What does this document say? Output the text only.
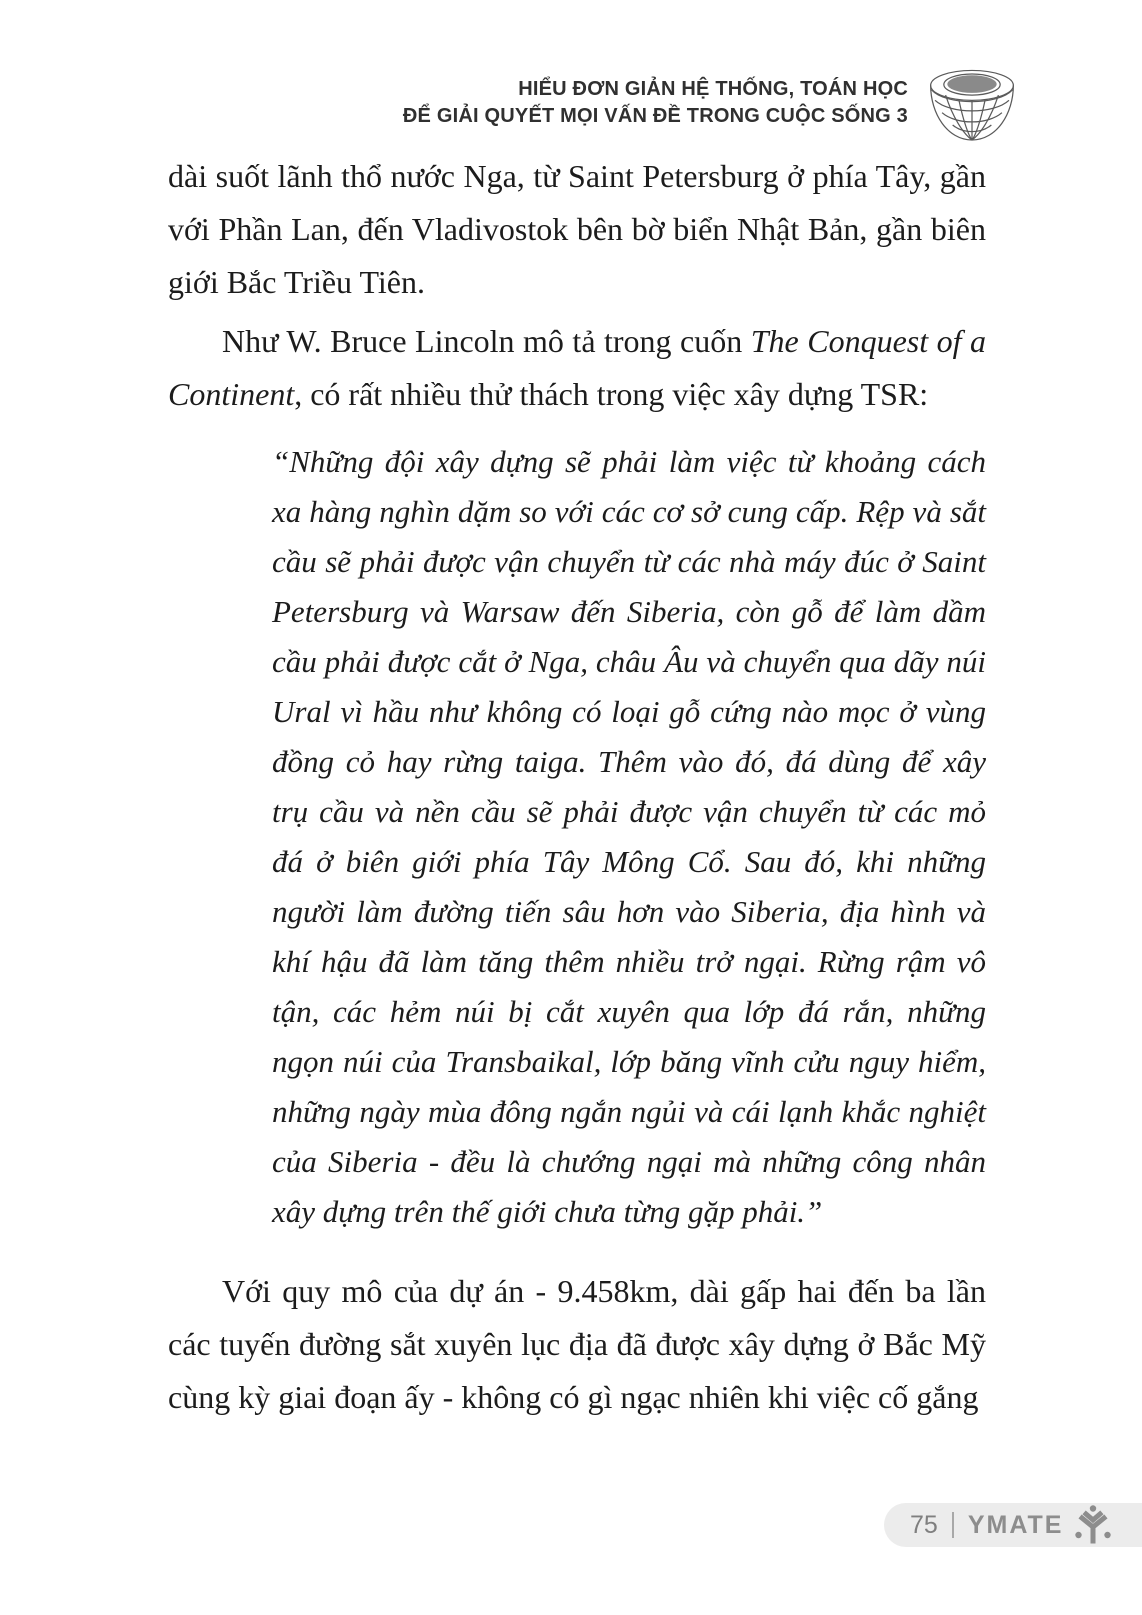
HIỂU ĐƠN GIẢN HỆ THỐNG, TOÁN HỌC
ĐỂ GIẢI QUYẾT MỌI VẤN ĐỀ TRONG CUỘC SỐNG 3

dài suốt lãnh thổ nước Nga, từ Saint Petersburg ở phía Tây, gần với Phần Lan, đến Vladivostok bên bờ biển Nhật Bản, gần biên giới Bắc Triều Tiên.

Như W. Bruce Lincoln mô tả trong cuốn The Conquest of a Continent, có rất nhiều thử thách trong việc xây dựng TSR:

“Những đội xây dựng sẽ phải làm việc từ khoảng cách xa hàng nghìn dặm so với các cơ sở cung cấp. Rệp và sắt cầu sẽ phải được vận chuyển từ các nhà máy đúc ở Saint Petersburg và Warsaw đến Siberia, còn gỗ để làm dầm cầu phải được cắt ở Nga, châu Âu và chuyển qua dãy núi Ural vì hầu như không có loại gỗ cứng nào mọc ở vùng đồng cỏ hay rừng taiga. Thêm vào đó, đá dùng để xây trụ cầu và nền cầu sẽ phải được vận chuyển từ các mỏ đá ở biên giới phía Tây Mông Cổ. Sau đó, khi những người làm đường tiến sâu hơn vào Siberia, địa hình và khí hậu đã làm tăng thêm nhiều trở ngại. Rừng rậm vô tận, các hẻm núi bị cắt xuyên qua lớp đá rắn, những ngọn núi của Transbaikal, lớp băng vĩnh cửu nguy hiểm, những ngày mùa đông ngắn ngủi và cái lạnh khắc nghiệt của Siberia - đều là chướng ngại mà những công nhân xây dựng trên thế giới chưa từng gặp phải.”

Với quy mô của dự án - 9.458km, dài gấp hai đến ba lần các tuyến đường sắt xuyên lục địa đã được xây dựng ở Bắc Mỹ cùng kỳ giai đoạn ấy - không có gì ngạc nhiên khi việc cố gắng

75 YMATE
